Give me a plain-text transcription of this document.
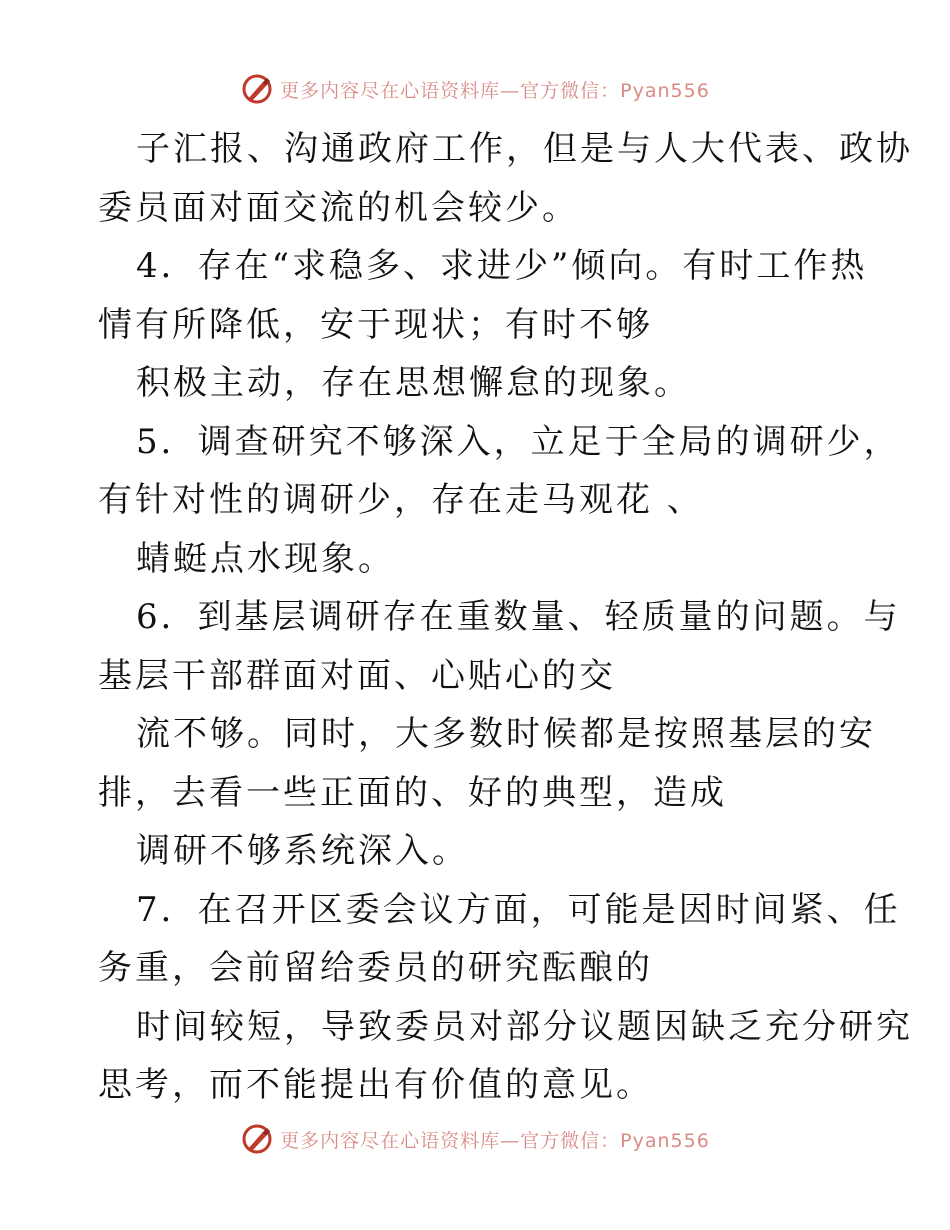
更多内容尽在心语资料库—官方微信：Pyan556
子汇报、沟通政府工作，但是与人大代表、政协
委员面对面交流的机会较少。
4．存在“求稳多、求进少”倾向。有时工作热
情有所降低，安于现状；有时不够
积极主动，存在思想懈怠的现象。
5．调查研究不够深入，立足于全局的调研少，
有针对性的调研少，存在走马观花 、
蜻蜓点水现象。
6．到基层调研存在重数量、轻质量的问题。与
基层干部群面对面、心贴心的交
流不够。同时，大多数时候都是按照基层的安
排，去看一些正面的、好的典型，造成
调研不够系统深入。
7．在召开区委会议方面，可能是因时间紧、任
务重，会前留给委员的研究酝酿的
时间较短，导致委员对部分议题因缺乏充分研究
思考，而不能提出有价值的意见。
更多内容尽在心语资料库—官方微信：Pyan556
